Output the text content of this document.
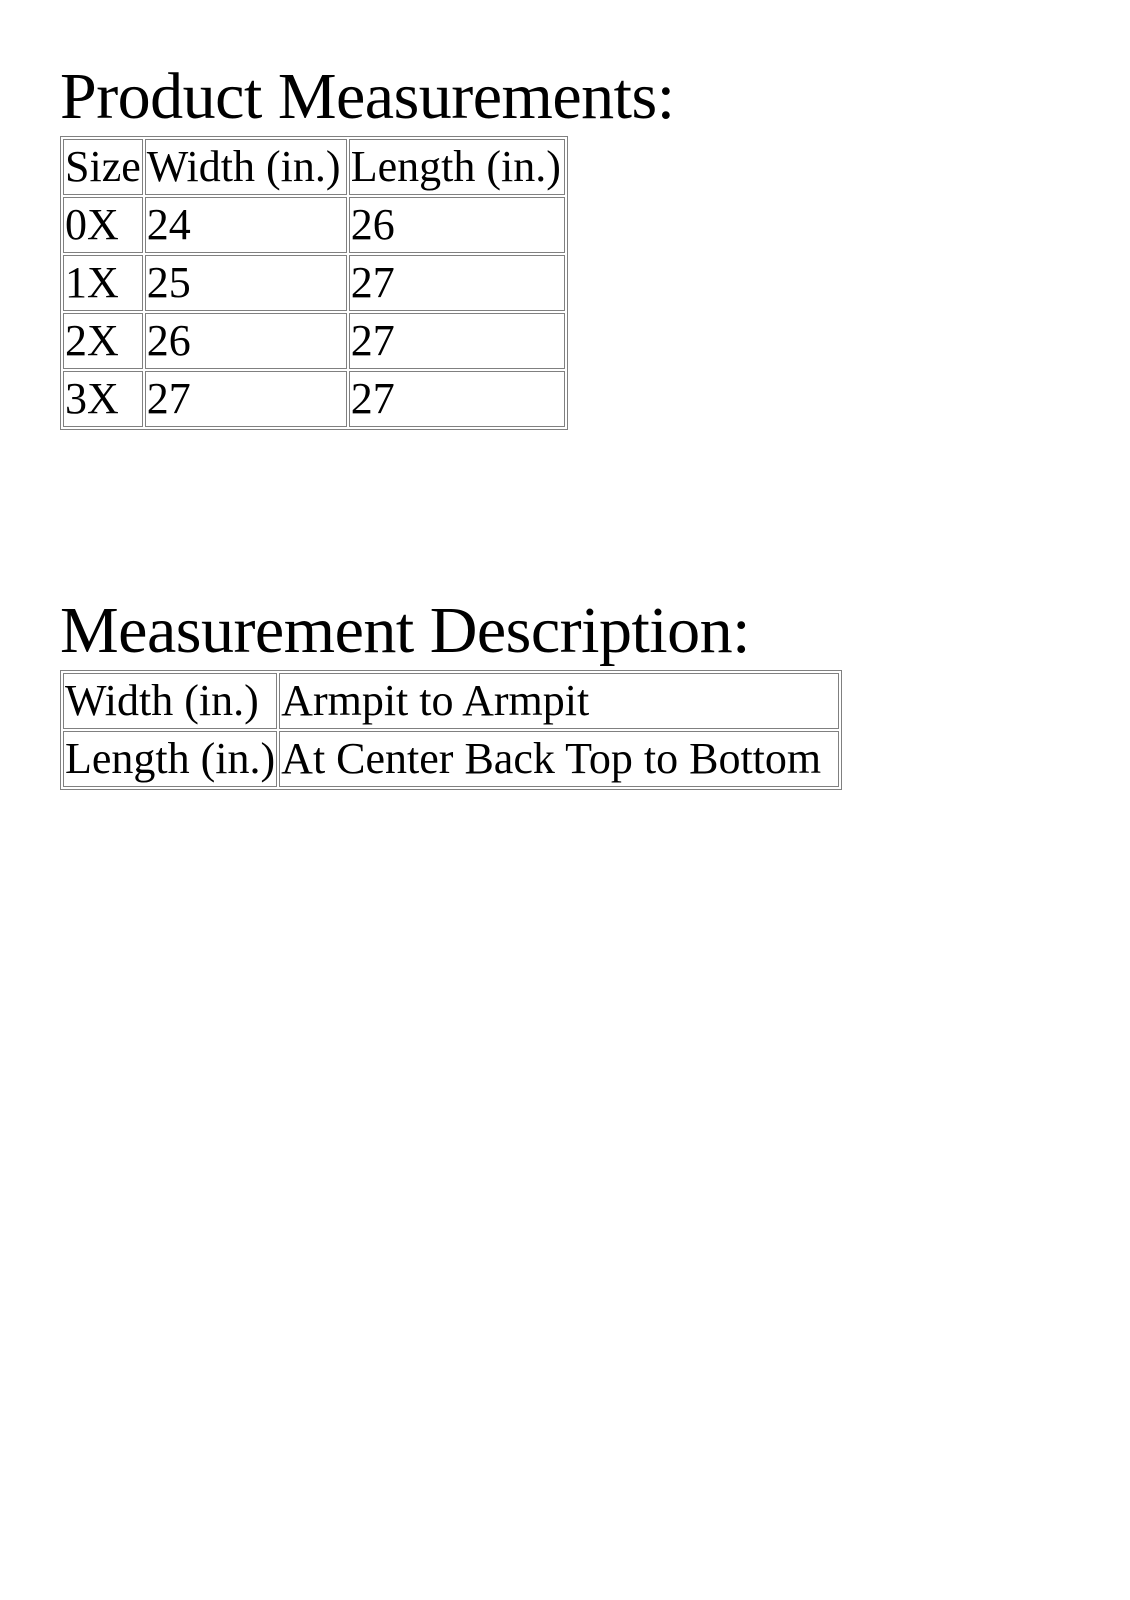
Product Measurements:
Size	Width (in.)	Length (in.)
0X	24	26
1X	25	27
2X	26	27
3X	27	27
Measurement Description:
Width (in.)	Armpit to Armpit
Length (in.)	At Center Back Top to Bottom
